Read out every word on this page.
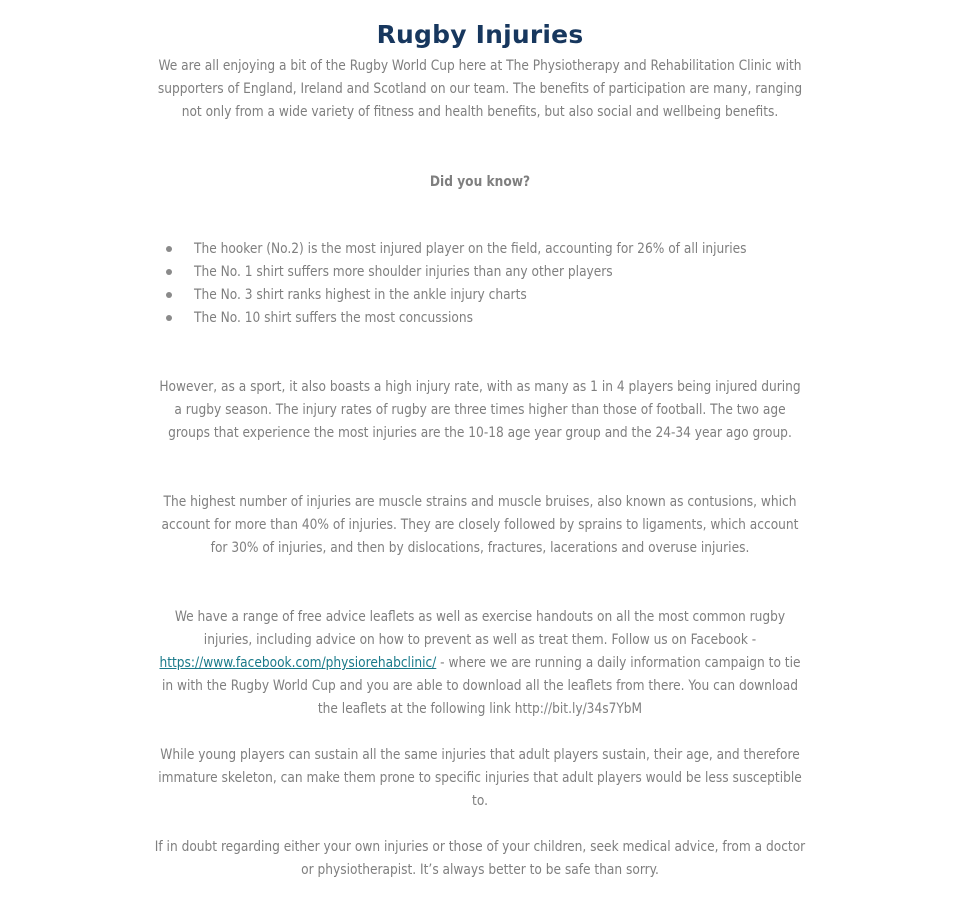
Rugby Injuries

We are all enjoying a bit of the Rugby World Cup here at The Physiotherapy and Rehabilitation Clinic with supporters of England, Ireland and Scotland on our team. The benefits of participation are many, ranging not only from a wide variety of fitness and health benefits, but also social and wellbeing benefits.

Did you know?

The hooker (No.2) is the most injured player on the field, accounting for 26% of all injuries
The No. 1 shirt suffers more shoulder injuries than any other players
The No. 3 shirt ranks highest in the ankle injury charts
The No. 10 shirt suffers the most concussions

However, as a sport, it also boasts a high injury rate, with as many as 1 in 4 players being injured during a rugby season. The injury rates of rugby are three times higher than those of football. The two age groups that experience the most injuries are the 10-18 age year group and the 24-34 year ago group.

The highest number of injuries are muscle strains and muscle bruises, also known as contusions, which account for more than 40% of injuries. They are closely followed by sprains to ligaments, which account for 30% of injuries, and then by dislocations, fractures, lacerations and overuse injuries.

We have a range of free advice leaflets as well as exercise handouts on all the most common rugby injuries, including advice on how to prevent as well as treat them. Follow us on Facebook - https://www.facebook.com/physiorehabclinic/ - where we are running a daily information campaign to tie in with the Rugby World Cup and you are able to download all the leaflets from there. You can download the leaflets at the following link http://bit.ly/34s7YbM

While young players can sustain all the same injuries that adult players sustain, their age, and therefore immature skeleton, can make them prone to specific injuries that adult players would be less susceptible to.

If in doubt regarding either your own injuries or those of your children, seek medical advice, from a doctor or physiotherapist. It’s always better to be safe than sorry.
